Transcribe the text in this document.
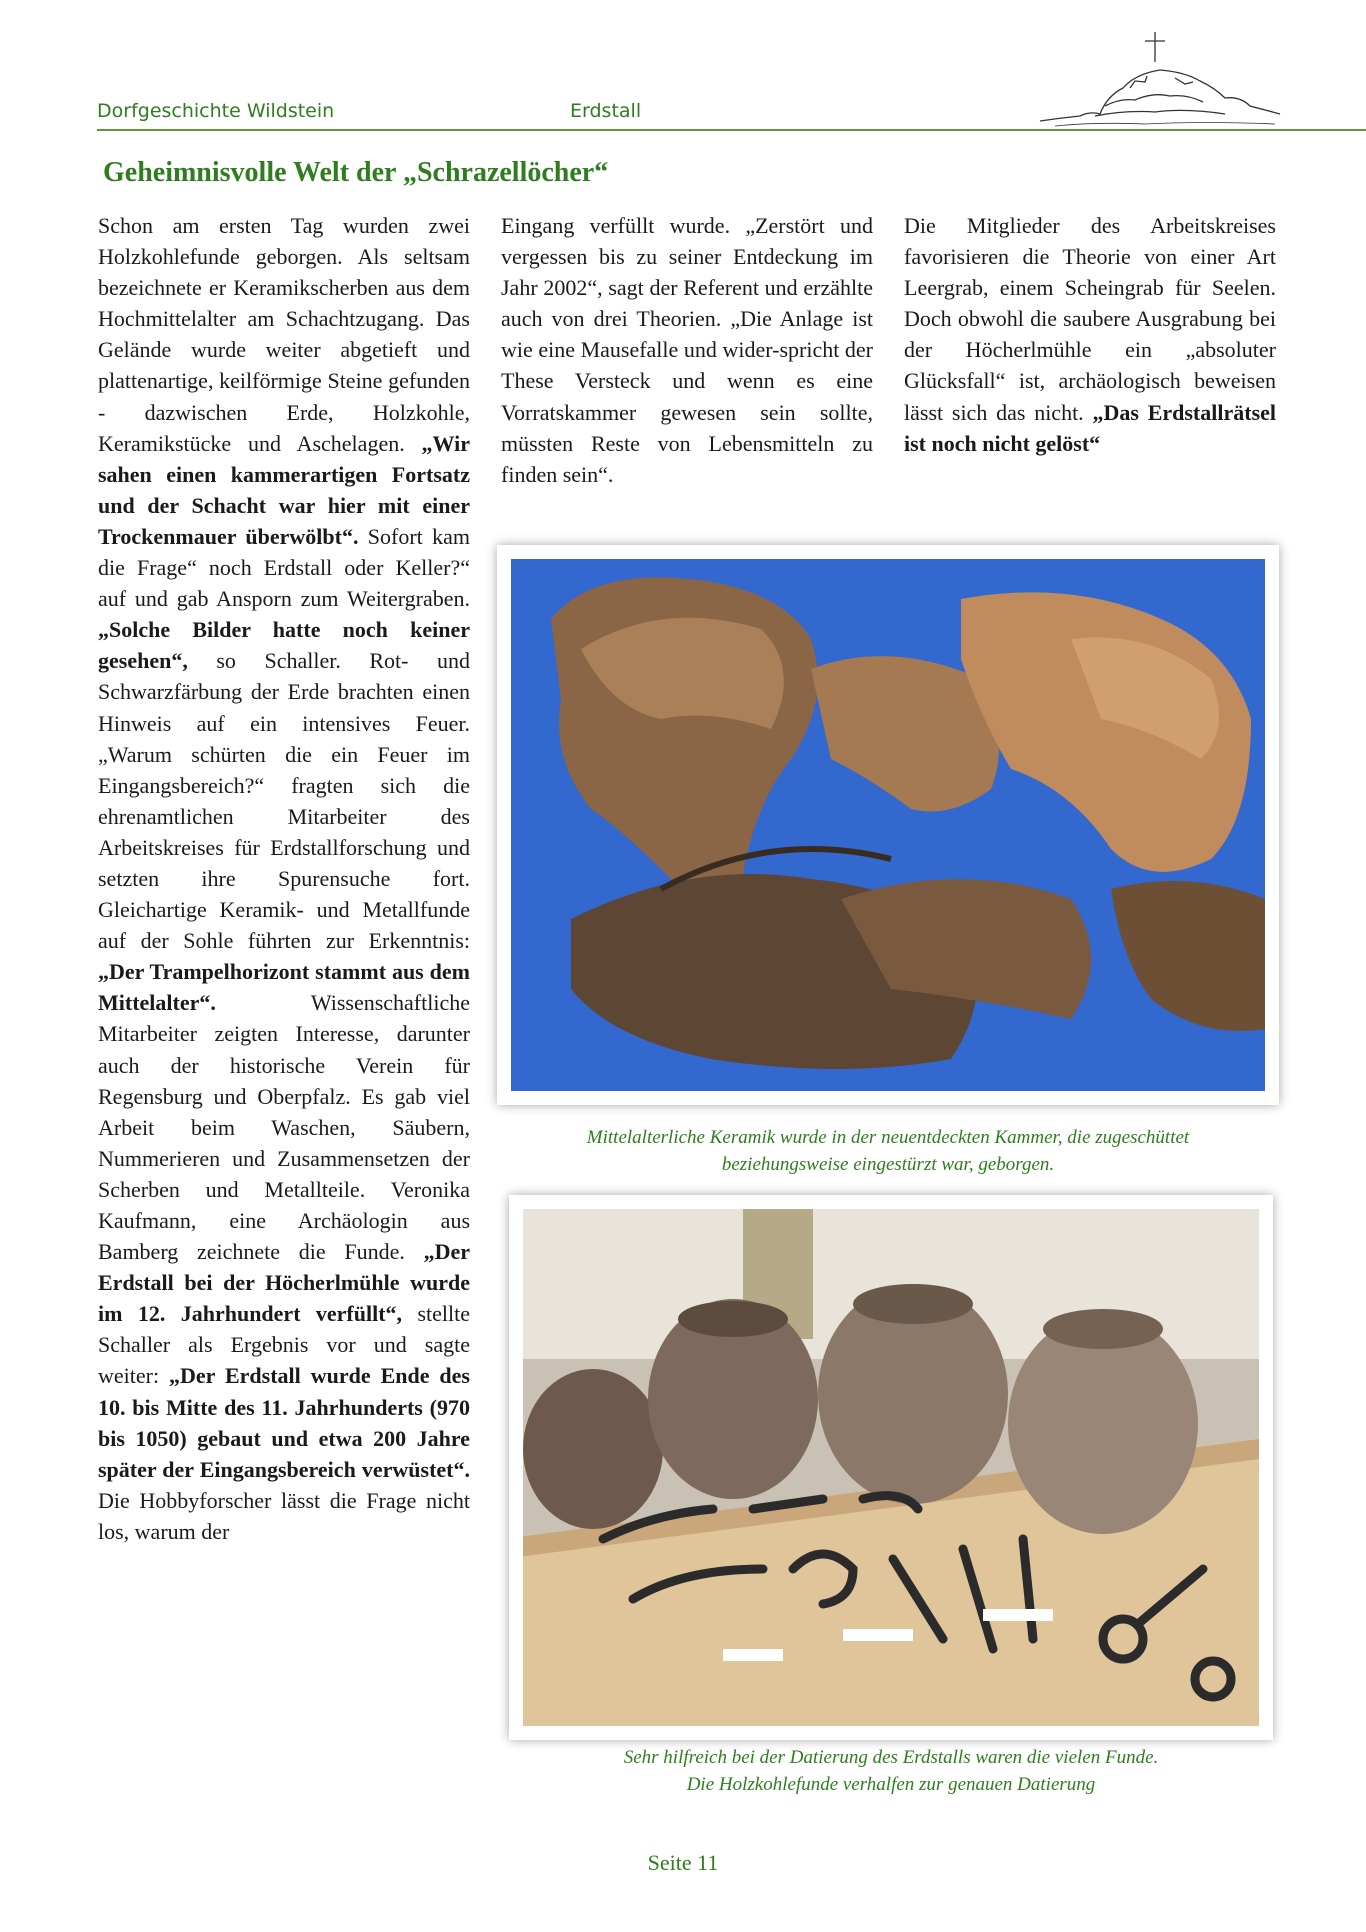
Dorfgeschichte Wildstein	Erdstall
Geheimnisvolle Welt der „Schrazellöcher“

Schon am ersten Tag wurden zwei Holzkohlefunde geborgen. Als seltsam bezeichnete er Keramikscherben aus dem Hochmittelalter am Schachtzugang. Das Gelände wurde weiter abgetieft und plattenartige, keilförmige Steine gefunden - dazwischen Erde, Holzkohle, Keramikstücke und Aschelagen. „Wir sahen einen kammerartigen Fortsatz und der Schacht war hier mit einer Trockenmauer überwölbt“. Sofort kam die Frage“ noch Erdstall oder Keller?“ auf und gab Ansporn zum Weitergraben. „Solche Bilder hatte noch keiner gesehen“, so Schaller. Rot- und Schwarzfärbung der Erde brachten einen Hinweis auf ein intensives Feuer. „Warum schürten die ein Feuer im Eingangsbereich?“ fragten sich die ehrenamtlichen Mitarbeiter des Arbeitskreises für Erdstallforschung und setzten ihre Spurensuche fort. Gleichartige Keramik- und Metallfunde auf der Sohle führten zur Erkenntnis: „Der Trampelhorizont stammt aus dem Mittelalter“. Wissenschaftliche Mitarbeiter zeigten Interesse, darunter auch der historische Verein für Regensburg und Oberpfalz. Es gab viel Arbeit beim Waschen, Säubern, Nummerieren und Zusammensetzen der Scherben und Metallteile. Veronika Kaufmann, eine Archäologin aus Bamberg zeichnete die Funde. „Der Erdstall bei der Höcherlmühle wurde im 12. Jahrhundert verfüllt“, stellte Schaller als Ergebnis vor und sagte weiter: „Der Erdstall wurde Ende des 10. bis Mitte des 11. Jahrhunderts (970 bis 1050) gebaut und etwa 200 Jahre später der Eingangsbereich verwüstet“. Die Hobbyforscher lässt die Frage nicht los, warum der

Eingang verfüllt wurde. „Zerstört und vergessen bis zu seiner Entdeckung im Jahr 2002“, sagt der Referent und erzählte auch von drei Theorien. „Die Anlage ist wie eine Mausefalle und wider-spricht der These Versteck und wenn es eine Vorratskammer gewesen sein sollte, müssten Reste von Lebensmitteln zu finden sein“.

Die Mitglieder des Arbeitskreises favorisieren die Theorie von einer Art Leergrab, einem Scheingrab für Seelen. Doch obwohl die saubere Ausgrabung bei der Höcherlmühle ein „absoluter Glücksfall“ ist, archäologisch beweisen lässt sich das nicht. „Das Erdstallrätsel ist noch nicht gelöst“

Mittelalterliche Keramik wurde in der neuentdeckten Kammer, die zugeschüttet
beziehungsweise eingestürzt war, geborgen.
Sehr hilfreich bei der Datierung des Erdstalls waren die vielen Funde.
Die Holzkohlefunde verhalfen zur genauen Datierung
Seite 11
